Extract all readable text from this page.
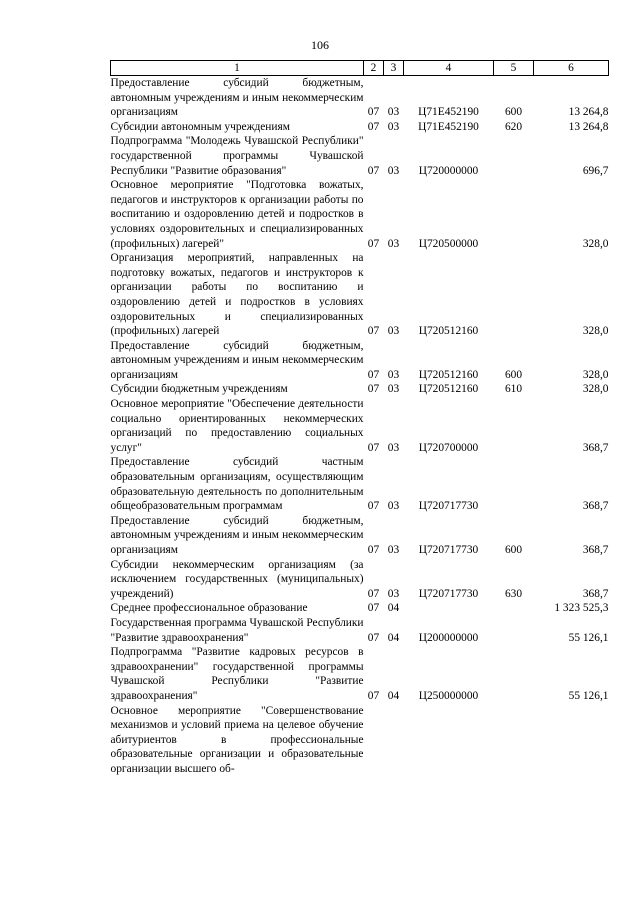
106
1	2	3	4	5	6
Предоставление субсидий бюджетным, автономным учреждениям и иным некоммерческим организациям	07	03	Ц71Е452190	600	13 264,8
Субсидии автономным учреждениям	07	03	Ц71Е452190	620	13 264,8
Подпрограмма "Молодежь Чувашской Республики" государственной программы Чувашской Республики "Развитие образования"	07	03	Ц720000000		696,7
Основное мероприятие "Подготовка вожатых, педагогов и инструкторов к организации работы по воспитанию и оздоровлению детей и подростков в условиях оздоровительных и специализированных (профильных) лагерей"	07	03	Ц720500000		328,0
Организация мероприятий, направленных на подготовку вожатых, педагогов и инструкторов к организации работы по воспитанию и оздоровлению детей и подростков в условиях оздоровительных и специализированных (профильных) лагерей	07	03	Ц720512160		328,0
Предоставление субсидий бюджетным, автономным учреждениям и иным некоммерческим организациям	07	03	Ц720512160	600	328,0
Субсидии бюджетным учреждениям	07	03	Ц720512160	610	328,0
Основное мероприятие "Обеспечение деятельности социально ориентированных некоммерческих организаций по предоставлению социальных услуг"	07	03	Ц720700000		368,7
Предоставление субсидий частным образовательным организациям, осуществляющим образовательную деятельность по дополнительным общеобразовательным программам	07	03	Ц720717730		368,7
Предоставление субсидий бюджетным, автономным учреждениям и иным некоммерческим организациям	07	03	Ц720717730	600	368,7
Субсидии некоммерческим организациям (за исключением государственных (муниципальных) учреждений)	07	03	Ц720717730	630	368,7
Среднее профессиональное образование	07	04			1 323 525,3
Государственная программа Чувашской Республики "Развитие здравоохранения"	07	04	Ц200000000		55 126,1
Подпрограмма "Развитие кадровых ресурсов в здравоохранении" государственной программы Чувашской Республики "Развитие здравоохранения"	07	04	Ц250000000		55 126,1
Основное мероприятие "Совершенствование механизмов и условий приема на целевое обучение абитуриентов в профессиональные образовательные организации и образовательные организации высшего об-					
